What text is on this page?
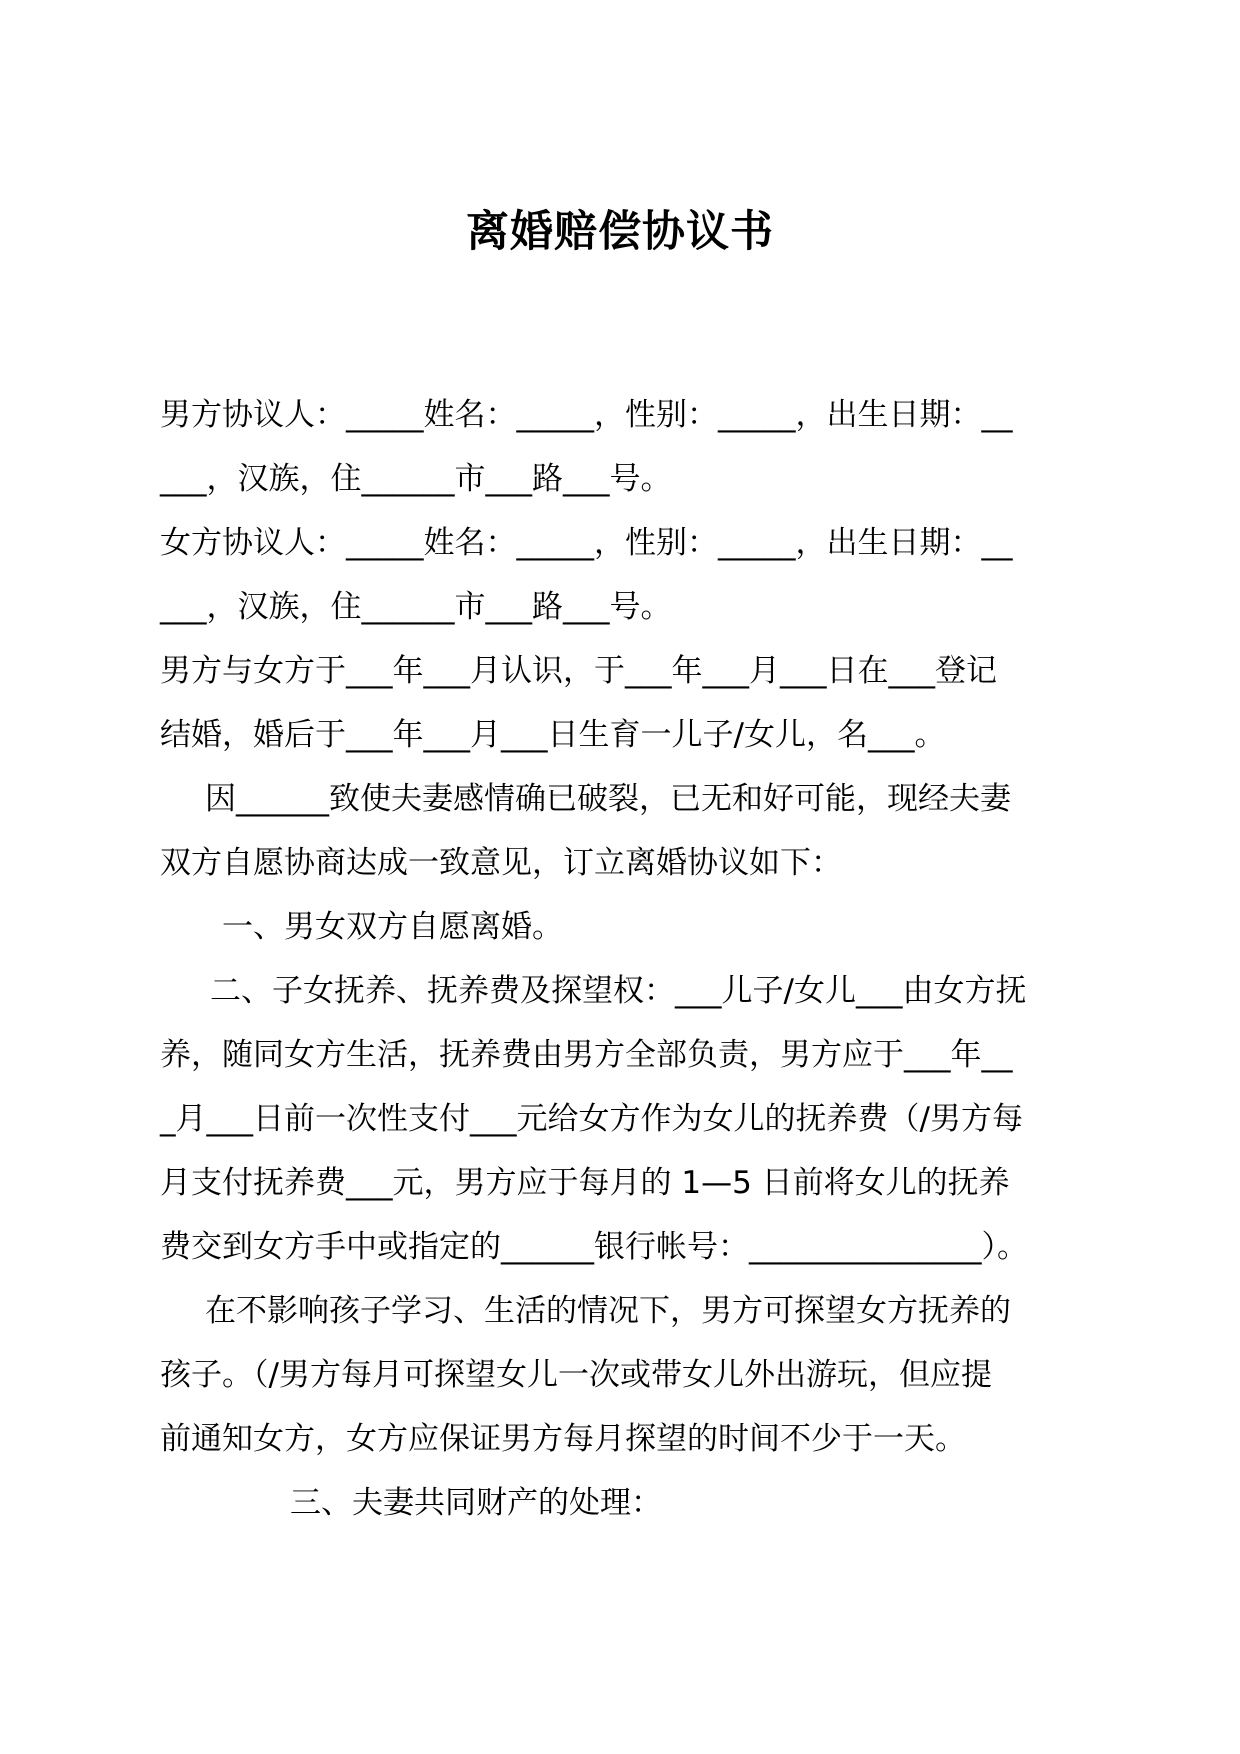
离婚赔偿协议书
男方协议人：_____姓名：_____，性别：_____，出生日期：__
___，汉族，住______市___路___号。
女方协议人：_____姓名：_____，性别：_____，出生日期：__
___，汉族，住______市___路___号。
男方与女方于___年___月认识，于___年___月___日在___登记
结婚，婚后于___年___月___日生育一儿子/女儿，名___。
因______致使夫妻感情确已破裂，已无和好可能，现经夫妻
双方自愿协商达成一致意见，订立离婚协议如下：
一、男女双方自愿离婚。
二、子女抚养、抚养费及探望权：___儿子/女儿___由女方抚
养，随同女方生活，抚养费由男方全部负责，男方应于___年__
_月___日前一次性支付___元给女方作为女儿的抚养费（/男方每
月支付抚养费___元，男方应于每月的 1—5 日前将女儿的抚养
费交到女方手中或指定的______银行帐号：_______________）。
在不影响孩子学习、生活的情况下，男方可探望女方抚养的
孩子。（/男方每月可探望女儿一次或带女儿外出游玩，但应提
前通知女方，女方应保证男方每月探望的时间不少于一天。
三、夫妻共同财产的处理：
